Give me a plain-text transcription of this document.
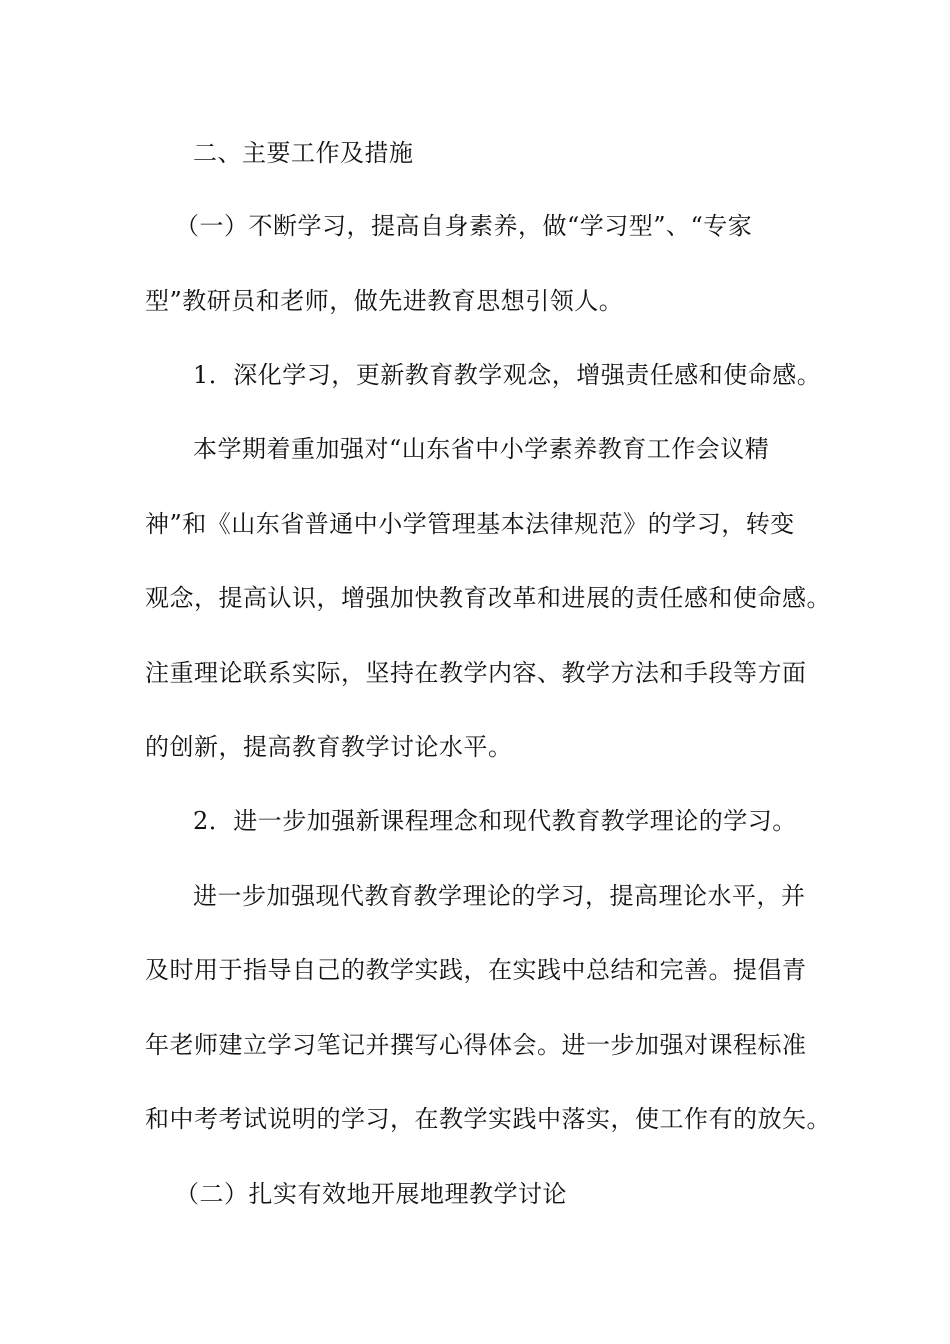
二、主要工作及措施
（一）不断学习，提高自身素养，做“学习型”、“专家
型”教研员和老师，做先进教育思想引领人。
1．深化学习，更新教育教学观念，增强责任感和使命感。
本学期着重加强对“山东省中小学素养教育工作会议精
神”和《山东省普通中小学管理基本法律规范》的学习，转变
观念，提高认识，增强加快教育改革和进展的责任感和使命感。
注重理论联系实际，坚持在教学内容、教学方法和手段等方面
的创新，提高教育教学讨论水平。
2．进一步加强新课程理念和现代教育教学理论的学习。
进一步加强现代教育教学理论的学习，提高理论水平，并
及时用于指导自己的教学实践，在实践中总结和完善。提倡青
年老师建立学习笔记并撰写心得体会。进一步加强对课程标准
和中考考试说明的学习，在教学实践中落实，使工作有的放矢。
（二）扎实有效地开展地理教学讨论
